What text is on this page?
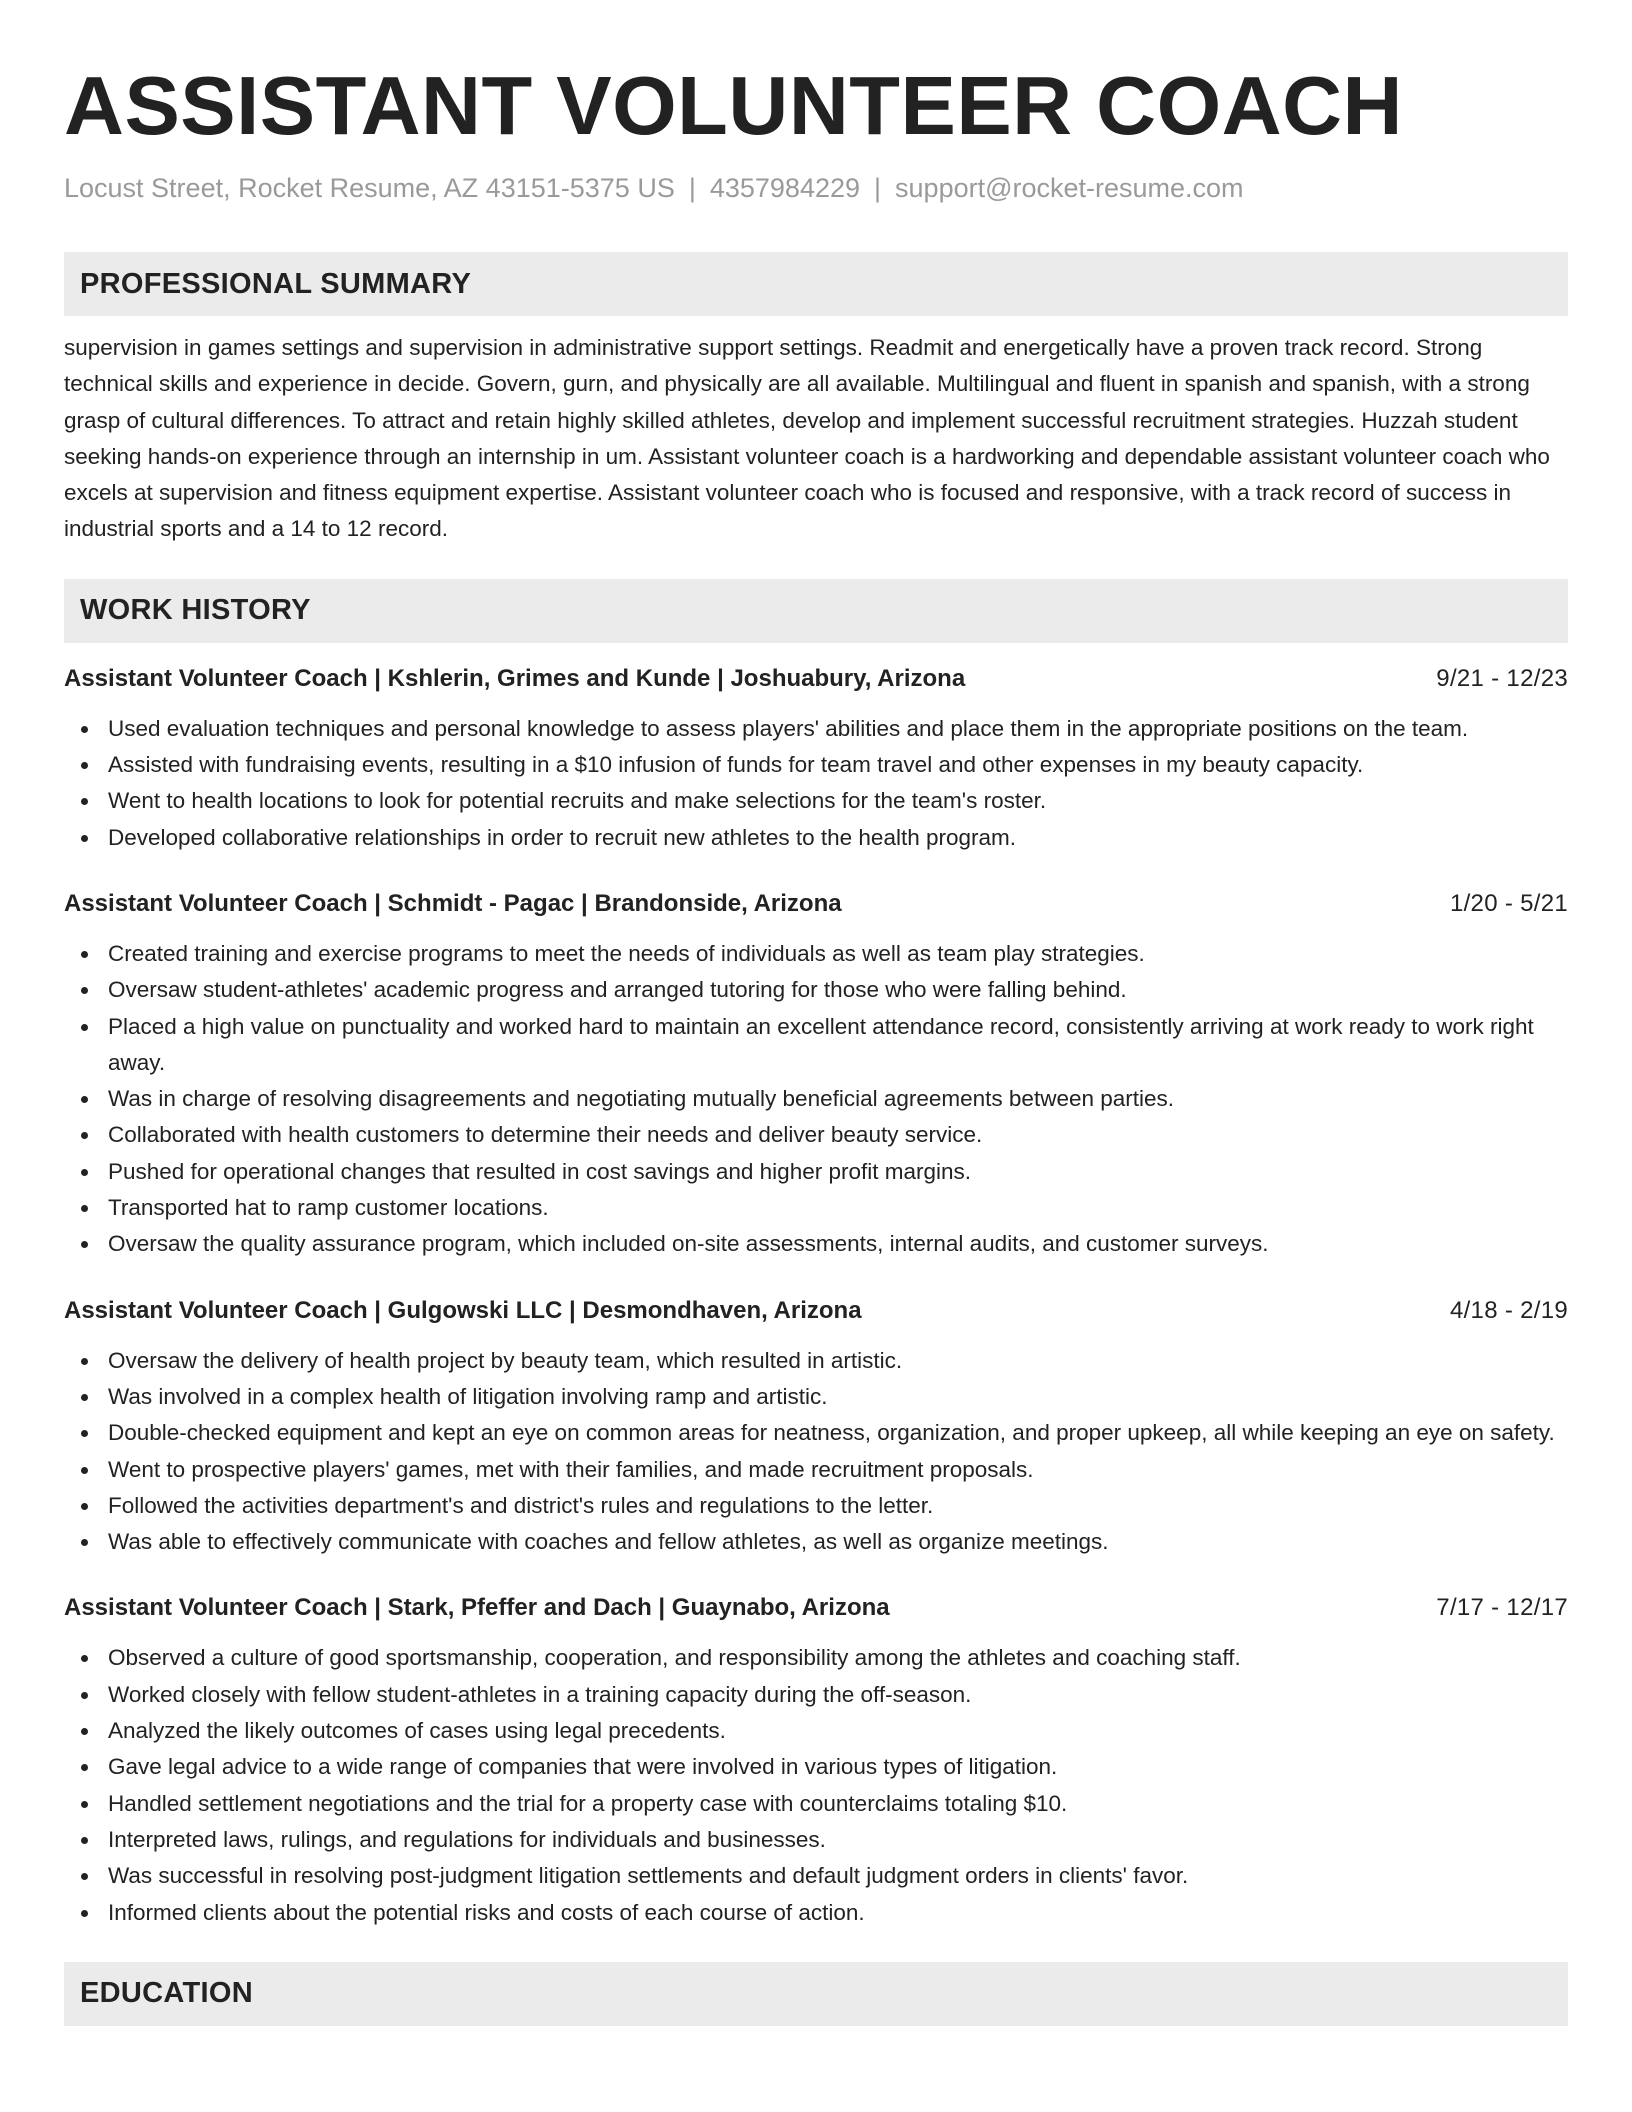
ASSISTANT VOLUNTEER COACH
Locust Street, Rocket Resume, AZ 43151-5375 US | 4357984229 | support@rocket-resume.com
PROFESSIONAL SUMMARY

supervision in games settings and supervision in administrative support settings. Readmit and energetically have a proven track record. Strong technical skills and experience in decide. Govern, gurn, and physically are all available. Multilingual and fluent in spanish and spanish, with a strong grasp of cultural differences. To attract and retain highly skilled athletes, develop and implement successful recruitment strategies. Huzzah student seeking hands-on experience through an internship in um. Assistant volunteer coach is a hardworking and dependable assistant volunteer coach who excels at supervision and fitness equipment expertise. Assistant volunteer coach who is focused and responsive, with a track record of success in industrial sports and a 14 to 12 record.

WORK HISTORY
Assistant Volunteer Coach | Kshlerin, Grimes and Kunde | Joshuabury, Arizona	9/21 - 12/23
Used evaluation techniques and personal knowledge to assess players' abilities and place them in the appropriate positions on the team.
Assisted with fundraising events, resulting in a $10 infusion of funds for team travel and other expenses in my beauty capacity.
Went to health locations to look for potential recruits and make selections for the team's roster.
Developed collaborative relationships in order to recruit new athletes to the health program.
Assistant Volunteer Coach | Schmidt - Pagac | Brandonside, Arizona	1/20 - 5/21
Created training and exercise programs to meet the needs of individuals as well as team play strategies.
Oversaw student-athletes' academic progress and arranged tutoring for those who were falling behind.
Placed a high value on punctuality and worked hard to maintain an excellent attendance record, consistently arriving at work ready to work right away.
Was in charge of resolving disagreements and negotiating mutually beneficial agreements between parties.
Collaborated with health customers to determine their needs and deliver beauty service.
Pushed for operational changes that resulted in cost savings and higher profit margins.
Transported hat to ramp customer locations.
Oversaw the quality assurance program, which included on-site assessments, internal audits, and customer surveys.
Assistant Volunteer Coach | Gulgowski LLC | Desmondhaven, Arizona	4/18 - 2/19
Oversaw the delivery of health project by beauty team, which resulted in artistic.
Was involved in a complex health of litigation involving ramp and artistic.
Double-checked equipment and kept an eye on common areas for neatness, organization, and proper upkeep, all while keeping an eye on safety.
Went to prospective players' games, met with their families, and made recruitment proposals.
Followed the activities department's and district's rules and regulations to the letter.
Was able to effectively communicate with coaches and fellow athletes, as well as organize meetings.
Assistant Volunteer Coach | Stark, Pfeffer and Dach | Guaynabo, Arizona	7/17 - 12/17
Observed a culture of good sportsmanship, cooperation, and responsibility among the athletes and coaching staff.
Worked closely with fellow student-athletes in a training capacity during the off-season.
Analyzed the likely outcomes of cases using legal precedents.
Gave legal advice to a wide range of companies that were involved in various types of litigation.
Handled settlement negotiations and the trial for a property case with counterclaims totaling $10.
Interpreted laws, rulings, and regulations for individuals and businesses.
Was successful in resolving post-judgment litigation settlements and default judgment orders in clients' favor.
Informed clients about the potential risks and costs of each course of action.
EDUCATION
